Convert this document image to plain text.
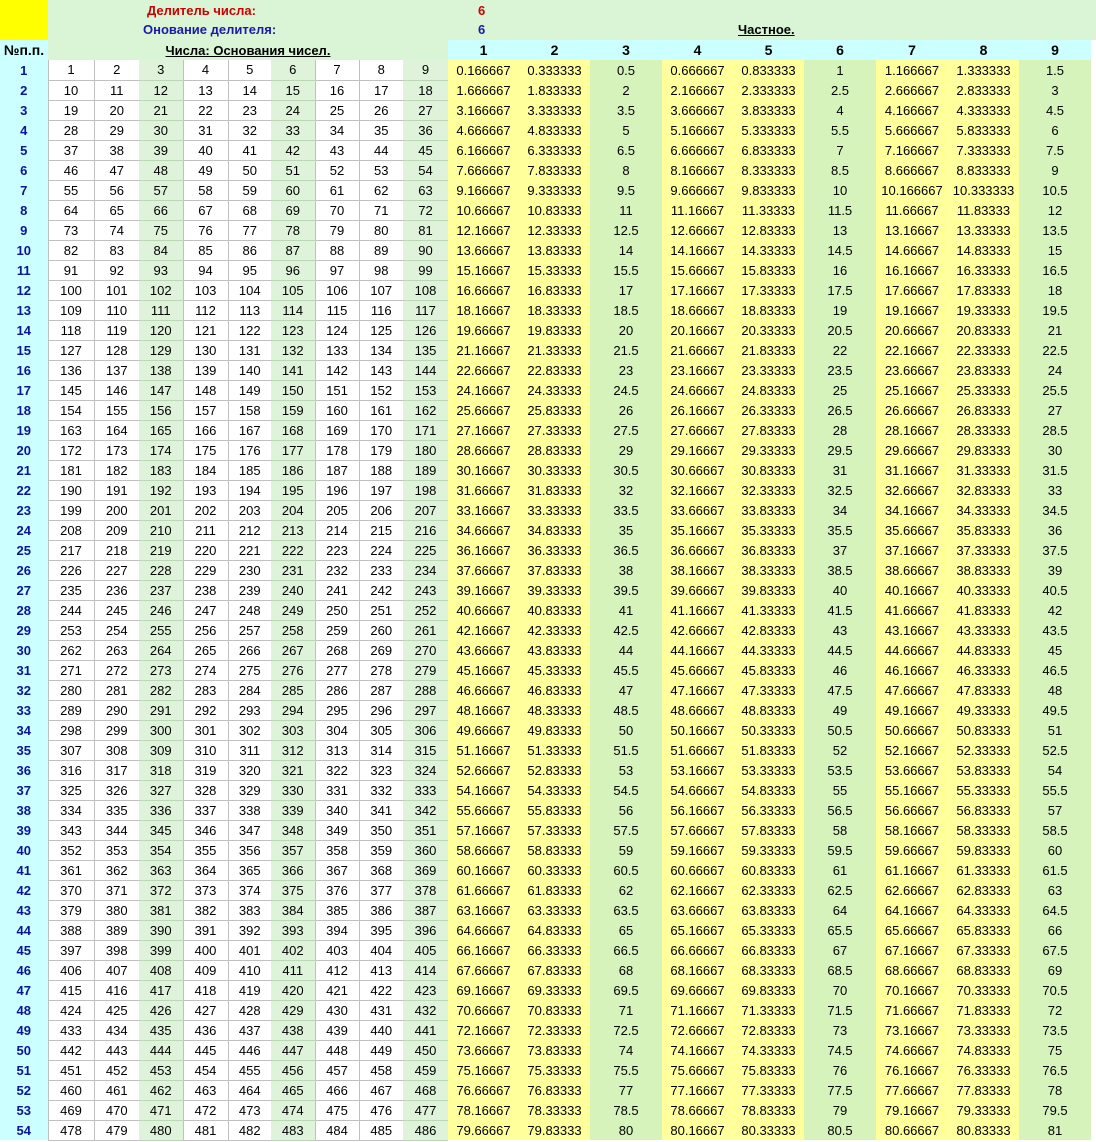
Делитель числа:	6
Онование делителя:	6	Частное.
№п.п.	Числа: Основания чисел.									1	2	3	4	5	6	7	8	9
1	1	2	3	4	5	6	7	8	9	0.166667	0.333333	0.5	0.666667	0.833333	1	1.166667	1.333333	1.5
2	10	11	12	13	14	15	16	17	18	1.666667	1.833333	2	2.166667	2.333333	2.5	2.666667	2.833333	3
3	19	20	21	22	23	24	25	26	27	3.166667	3.333333	3.5	3.666667	3.833333	4	4.166667	4.333333	4.5
4	28	29	30	31	32	33	34	35	36	4.666667	4.833333	5	5.166667	5.333333	5.5	5.666667	5.833333	6
5	37	38	39	40	41	42	43	44	45	6.166667	6.333333	6.5	6.666667	6.833333	7	7.166667	7.333333	7.5
6	46	47	48	49	50	51	52	53	54	7.666667	7.833333	8	8.166667	8.333333	8.5	8.666667	8.833333	9
7	55	56	57	58	59	60	61	62	63	9.166667	9.333333	9.5	9.666667	9.833333	10	10.166667	10.333333	10.5
8	64	65	66	67	68	69	70	71	72	10.66667	10.83333	11	11.16667	11.33333	11.5	11.66667	11.83333	12
9	73	74	75	76	77	78	79	80	81	12.16667	12.33333	12.5	12.66667	12.83333	13	13.16667	13.33333	13.5
10	82	83	84	85	86	87	88	89	90	13.66667	13.83333	14	14.16667	14.33333	14.5	14.66667	14.83333	15
11	91	92	93	94	95	96	97	98	99	15.16667	15.33333	15.5	15.66667	15.83333	16	16.16667	16.33333	16.5
12	100	101	102	103	104	105	106	107	108	16.66667	16.83333	17	17.16667	17.33333	17.5	17.66667	17.83333	18
13	109	110	111	112	113	114	115	116	117	18.16667	18.33333	18.5	18.66667	18.83333	19	19.16667	19.33333	19.5
14	118	119	120	121	122	123	124	125	126	19.66667	19.83333	20	20.16667	20.33333	20.5	20.66667	20.83333	21
15	127	128	129	130	131	132	133	134	135	21.16667	21.33333	21.5	21.66667	21.83333	22	22.16667	22.33333	22.5
16	136	137	138	139	140	141	142	143	144	22.66667	22.83333	23	23.16667	23.33333	23.5	23.66667	23.83333	24
17	145	146	147	148	149	150	151	152	153	24.16667	24.33333	24.5	24.66667	24.83333	25	25.16667	25.33333	25.5
18	154	155	156	157	158	159	160	161	162	25.66667	25.83333	26	26.16667	26.33333	26.5	26.66667	26.83333	27
19	163	164	165	166	167	168	169	170	171	27.16667	27.33333	27.5	27.66667	27.83333	28	28.16667	28.33333	28.5
20	172	173	174	175	176	177	178	179	180	28.66667	28.83333	29	29.16667	29.33333	29.5	29.66667	29.83333	30
21	181	182	183	184	185	186	187	188	189	30.16667	30.33333	30.5	30.66667	30.83333	31	31.16667	31.33333	31.5
22	190	191	192	193	194	195	196	197	198	31.66667	31.83333	32	32.16667	32.33333	32.5	32.66667	32.83333	33
23	199	200	201	202	203	204	205	206	207	33.16667	33.33333	33.5	33.66667	33.83333	34	34.16667	34.33333	34.5
24	208	209	210	211	212	213	214	215	216	34.66667	34.83333	35	35.16667	35.33333	35.5	35.66667	35.83333	36
25	217	218	219	220	221	222	223	224	225	36.16667	36.33333	36.5	36.66667	36.83333	37	37.16667	37.33333	37.5
26	226	227	228	229	230	231	232	233	234	37.66667	37.83333	38	38.16667	38.33333	38.5	38.66667	38.83333	39
27	235	236	237	238	239	240	241	242	243	39.16667	39.33333	39.5	39.66667	39.83333	40	40.16667	40.33333	40.5
28	244	245	246	247	248	249	250	251	252	40.66667	40.83333	41	41.16667	41.33333	41.5	41.66667	41.83333	42
29	253	254	255	256	257	258	259	260	261	42.16667	42.33333	42.5	42.66667	42.83333	43	43.16667	43.33333	43.5
30	262	263	264	265	266	267	268	269	270	43.66667	43.83333	44	44.16667	44.33333	44.5	44.66667	44.83333	45
31	271	272	273	274	275	276	277	278	279	45.16667	45.33333	45.5	45.66667	45.83333	46	46.16667	46.33333	46.5
32	280	281	282	283	284	285	286	287	288	46.66667	46.83333	47	47.16667	47.33333	47.5	47.66667	47.83333	48
33	289	290	291	292	293	294	295	296	297	48.16667	48.33333	48.5	48.66667	48.83333	49	49.16667	49.33333	49.5
34	298	299	300	301	302	303	304	305	306	49.66667	49.83333	50	50.16667	50.33333	50.5	50.66667	50.83333	51
35	307	308	309	310	311	312	313	314	315	51.16667	51.33333	51.5	51.66667	51.83333	52	52.16667	52.33333	52.5
36	316	317	318	319	320	321	322	323	324	52.66667	52.83333	53	53.16667	53.33333	53.5	53.66667	53.83333	54
37	325	326	327	328	329	330	331	332	333	54.16667	54.33333	54.5	54.66667	54.83333	55	55.16667	55.33333	55.5
38	334	335	336	337	338	339	340	341	342	55.66667	55.83333	56	56.16667	56.33333	56.5	56.66667	56.83333	57
39	343	344	345	346	347	348	349	350	351	57.16667	57.33333	57.5	57.66667	57.83333	58	58.16667	58.33333	58.5
40	352	353	354	355	356	357	358	359	360	58.66667	58.83333	59	59.16667	59.33333	59.5	59.66667	59.83333	60
41	361	362	363	364	365	366	367	368	369	60.16667	60.33333	60.5	60.66667	60.83333	61	61.16667	61.33333	61.5
42	370	371	372	373	374	375	376	377	378	61.66667	61.83333	62	62.16667	62.33333	62.5	62.66667	62.83333	63
43	379	380	381	382	383	384	385	386	387	63.16667	63.33333	63.5	63.66667	63.83333	64	64.16667	64.33333	64.5
44	388	389	390	391	392	393	394	395	396	64.66667	64.83333	65	65.16667	65.33333	65.5	65.66667	65.83333	66
45	397	398	399	400	401	402	403	404	405	66.16667	66.33333	66.5	66.66667	66.83333	67	67.16667	67.33333	67.5
46	406	407	408	409	410	411	412	413	414	67.66667	67.83333	68	68.16667	68.33333	68.5	68.66667	68.83333	69
47	415	416	417	418	419	420	421	422	423	69.16667	69.33333	69.5	69.66667	69.83333	70	70.16667	70.33333	70.5
48	424	425	426	427	428	429	430	431	432	70.66667	70.83333	71	71.16667	71.33333	71.5	71.66667	71.83333	72
49	433	434	435	436	437	438	439	440	441	72.16667	72.33333	72.5	72.66667	72.83333	73	73.16667	73.33333	73.5
50	442	443	444	445	446	447	448	449	450	73.66667	73.83333	74	74.16667	74.33333	74.5	74.66667	74.83333	75
51	451	452	453	454	455	456	457	458	459	75.16667	75.33333	75.5	75.66667	75.83333	76	76.16667	76.33333	76.5
52	460	461	462	463	464	465	466	467	468	76.66667	76.83333	77	77.16667	77.33333	77.5	77.66667	77.83333	78
53	469	470	471	472	473	474	475	476	477	78.16667	78.33333	78.5	78.66667	78.83333	79	79.16667	79.33333	79.5
54	478	479	480	481	482	483	484	485	486	79.66667	79.83333	80	80.16667	80.33333	80.5	80.66667	80.83333	81
